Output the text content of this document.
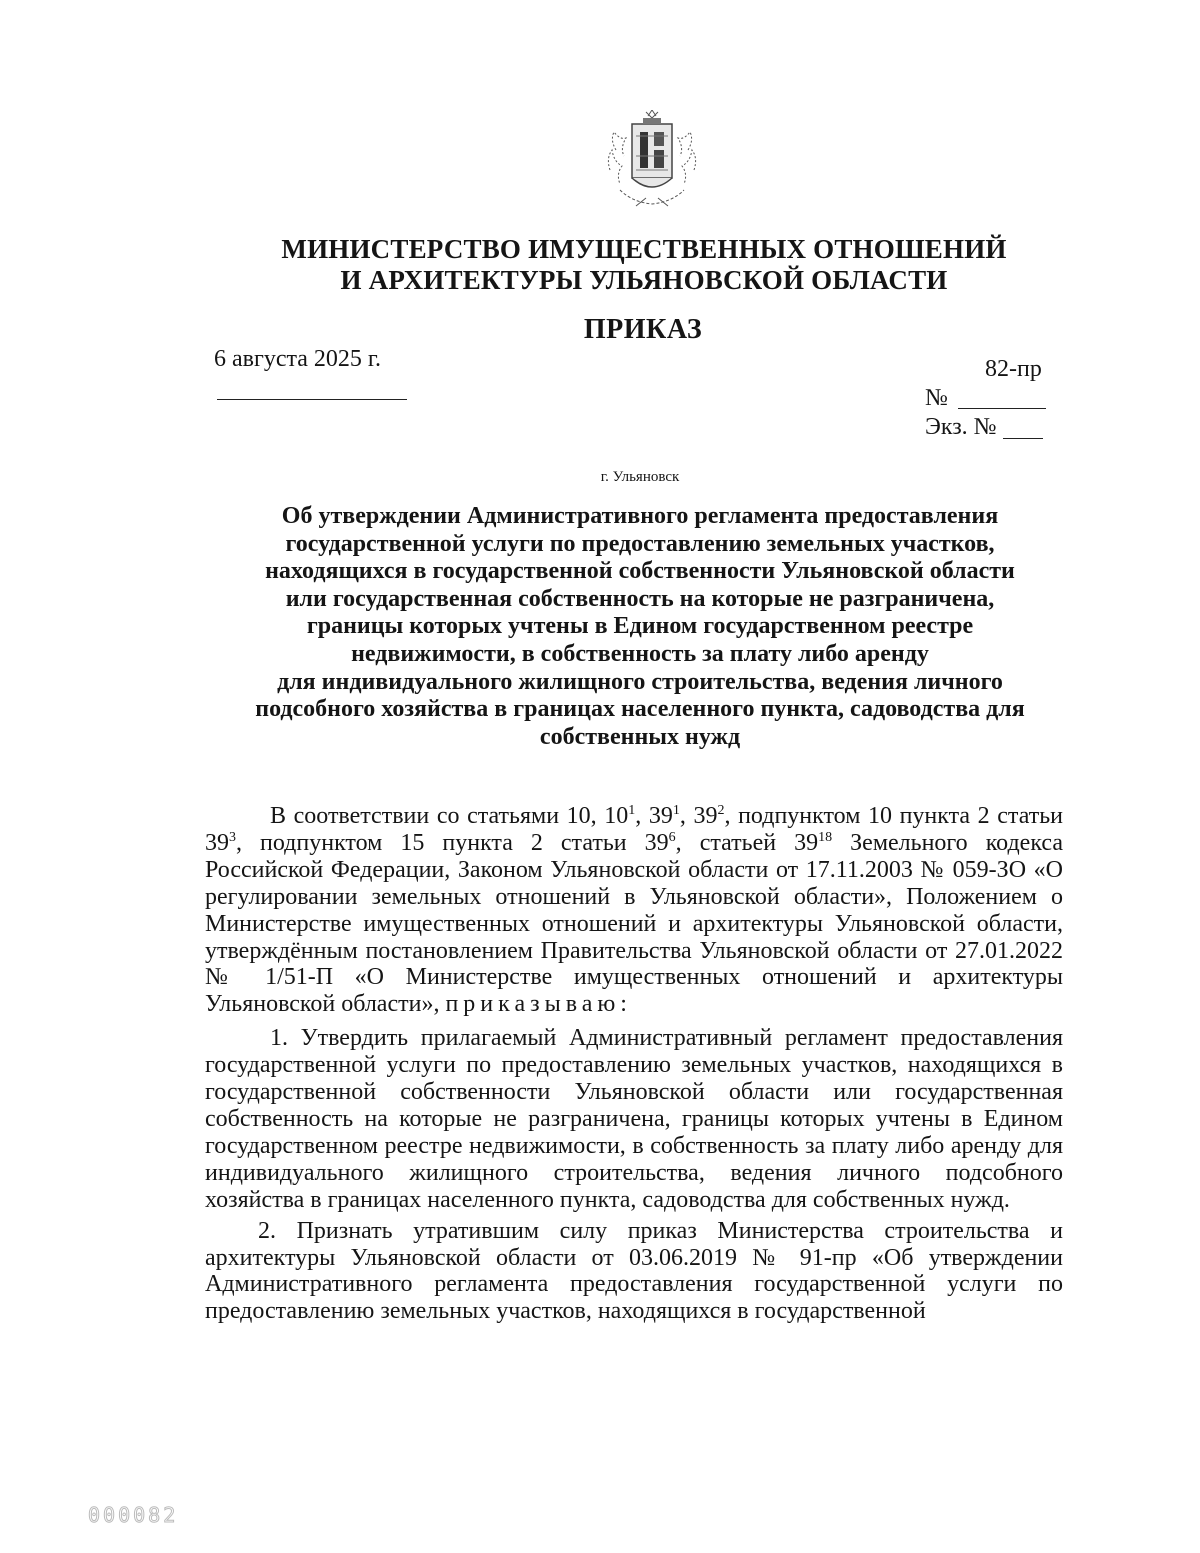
МИНИСТЕРСТВО ИМУЩЕСТВЕННЫХ ОТНОШЕНИЙ
И АРХИТЕКТУРЫ УЛЬЯНОВСКОЙ ОБЛАСТИ
ПРИКАЗ
6 августа 2025 г.	82-пр
№
Экз. №
г. Ульяновск
Об утверждении Административного регламента предоставления
государственной услуги по предоставлению земельных участков,
находящихся в государственной собственности Ульяновской области
или государственная собственность на которые не разграничена,
границы которых учтены в Едином государственном реестре
недвижимости, в собственность за плату либо аренду
для индивидуального жилищного строительства, ведения личного
подсобного хозяйства в границах населенного пункта, садоводства для
собственных нужд

В соответствии со статьями 10, $10^1$, $39^1$, $39^2$, подпунктом 10 пункта 2 статьи $39^3$, подпунктом 15 пункта 2 статьи $39^6$, статьей $39^{18}$ Земельного кодекса Российской Федерации, Законом Ульяновской области от 17.11.2003 № 059-ЗО «О регулировании земельных отношений в Ульяновской области», Положением о Министерстве имущественных отношений и архитектуры Ульяновской области, утверждённым постановлением Правительства Ульяновской области от 27.01.2022 № 1/51-П «О Министерстве имущественных отношений и архитектуры Ульяновской области», приказываю:

1. Утвердить прилагаемый Административный регламент предоставления государственной услуги по предоставлению земельных участков, находящихся в государственной собственности Ульяновской области или государственная собственность на которые не разграничена, границы которых учтены в Едином государственном реестре недвижимости, в собственность за плату либо аренду для индивидуального жилищного строительства, ведения личного подсобного хозяйства в границах населенного пункта, садоводства для собственных нужд.

2. Признать утратившим силу приказ Министерства строительства и архитектуры Ульяновской области от 03.06.2019 № 91-пр «Об утверждении Административного регламента предоставления государственной услуги по предоставлению земельных участков, находящихся в государственной

000082
